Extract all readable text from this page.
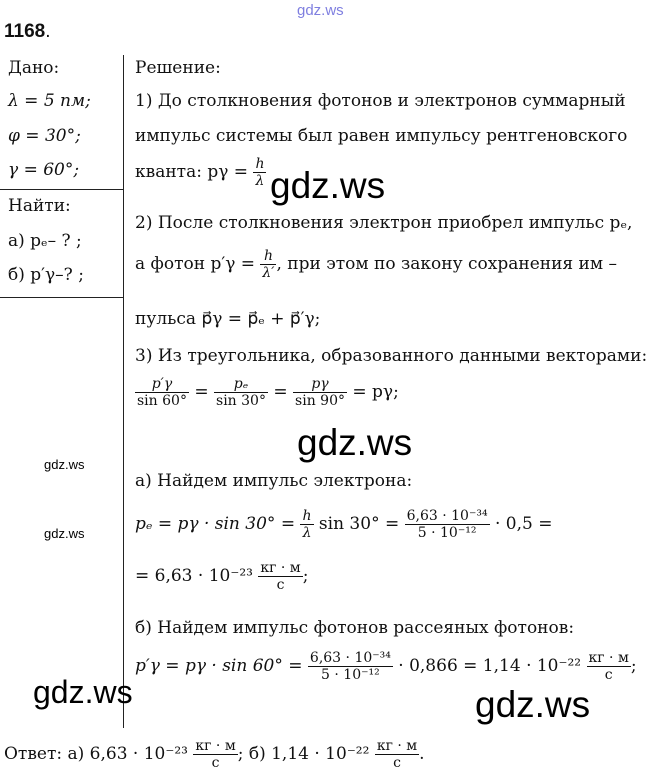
gdz.ws
1168.
Дано:
λ = 5 пм;
φ = 30°;
γ = 60°;
Найти:
а) pₑ– ? ;
б) p′γ–? ;
Решение:
1) До столкновения фотонов и электронов суммарный
импульс системы был равен импульсу рентгеновского
кванта: $p\gamma = \frac{h}{\lambda}$
2) После столкновения электрон приобрел импульс pₑ,
а фотон $p'\gamma = \frac{h}{\lambda'}$ , при этом по закону сохранения им –
пульса p⃗γ = p⃗ₑ + p⃗′γ;
3) Из треугольника, образованного данными векторами:
$\frac{p'\gamma}{\sin 60^\circ} = \frac{\text{pₑ}}{\sin 30^\circ} = \frac{p\gamma}{\sin 90^\circ} = p\gamma$;
а) Найдем импульс электрона:
$p_e = p\gamma \cdot \sin 30^\circ = \frac{h}{\lambda}$ $\sin 30^\circ = \frac{\text{6,63 · 10⁻³⁴}}{\text{5 · 10⁻¹²}} \cdot 0,5$ =
= $6,63 \cdot 10^{-23} \frac{кг \cdot м}{с}$ ;
б) Найдем импульс фотонов рассеяных фотонов:
$p'\gamma = p\gamma \cdot \sin 60^\circ = \frac{\text{6,63 · 10⁻³⁴}}{\text{5 · 10⁻¹²}} \cdot 0,866 = 1,14 \cdot 10^{-22} \frac{кг \cdot м}{с}$ ;
Ответ: а) $6,63 \cdot 10^{-23} \frac{кг \cdot м}{с}$ ; б) $1,14 \cdot 10^{-22} \frac{кг \cdot м}{с}$ .
gdz.ws
gdz.ws
gdz.ws
gdz.ws
gdz.ws	gdz.ws
